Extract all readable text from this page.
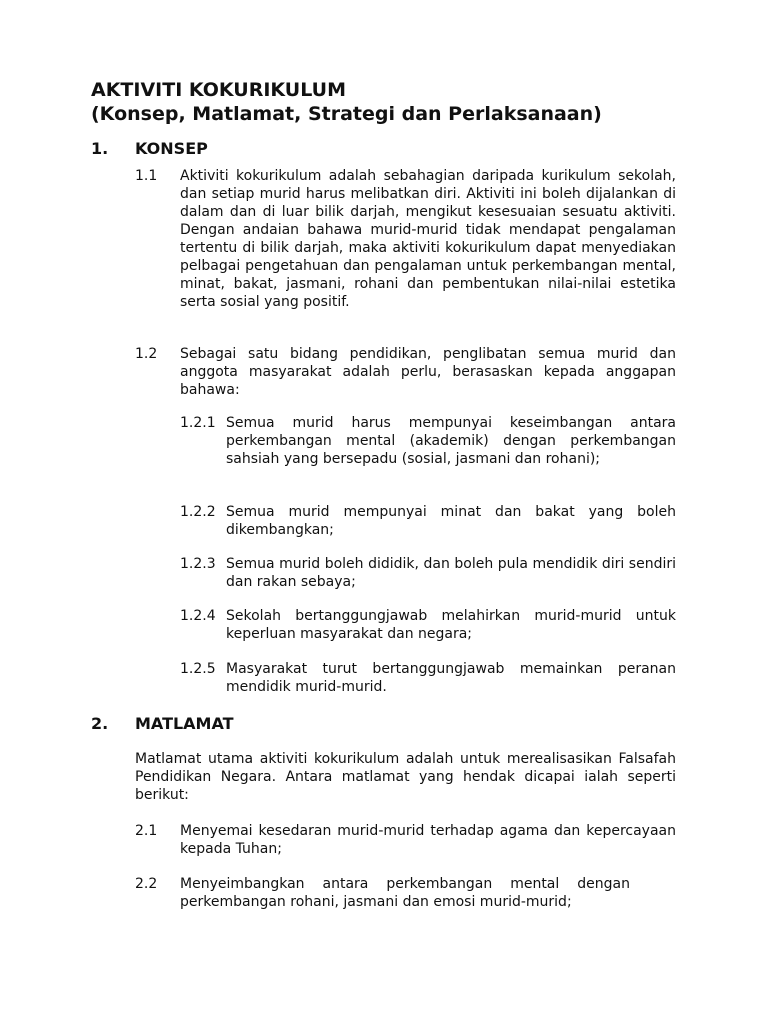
AKTIVITI KOKURIKULUM
(Konsep, Matlamat, Strategi dan Perlaksanaan)
1. KONSEP
1.1 Aktiviti kokurikulum adalah sebahagian daripada kurikulum sekolah, dan setiap murid harus melibatkan diri. Aktiviti ini boleh dijalankan di dalam dan di luar bilik darjah, mengikut kesesuaian sesuatu aktiviti. Dengan andaian bahawa murid-murid tidak mendapat pengalaman tertentu di bilik darjah, maka aktiviti kokurikulum dapat menyediakan pelbagai pengetahuan dan pengalaman untuk perkembangan mental, minat, bakat, jasmani, rohani dan pembentukan nilai-nilai estetika serta sosial yang positif.

1.2 Sebagai satu bidang pendidikan, penglibatan semua murid dan anggota masyarakat adalah perlu, berasaskan kepada anggapan bahawa:

1.2.1 Semua murid harus mempunyai keseimbangan antara perkembangan mental (akademik) dengan perkembangan sahsiah yang bersepadu (sosial, jasmani dan rohani);

1.2.2 Semua murid mempunyai minat dan bakat yang boleh dikembangkan;

1.2.3 Semua murid boleh dididik, dan boleh pula mendidik diri sendiri dan rakan sebaya;

1.2.4 Sekolah bertanggungjawab melahirkan murid-murid untuk keperluan masyarakat dan negara;

1.2.5 Masyarakat turut bertanggungjawab memainkan peranan mendidik murid-murid.

2. MATLAMAT

Matlamat utama aktiviti kokurikulum adalah untuk merealisasikan Falsafah Pendidikan Negara. Antara matlamat yang hendak dicapai ialah seperti berikut:

2.1 Menyemai kesedaran murid-murid terhadap agama dan kepercayaan kepada Tuhan;

2.2 Menyeimbangkan antara perkembangan mental dengan perkembangan rohani, jasmani dan emosi murid-murid;
